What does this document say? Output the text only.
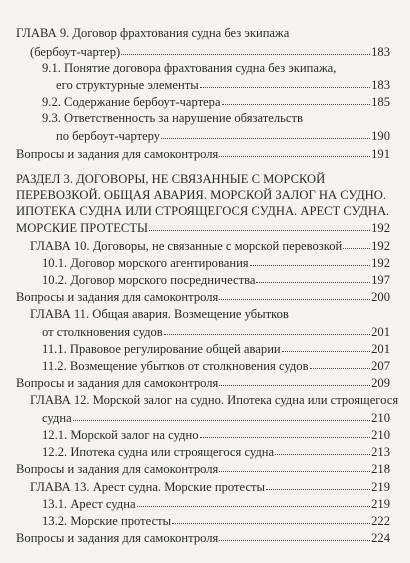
ГЛАВА 9. Договор фрахтования судна без экипажа
(бербоут-чартер)	183
9.1. Понятие договора фрахтования судна без экипажа,
его структурные элементы	183
9.2. Содержание бербоут-чартера	185
9.3. Ответственность за нарушение обязательств
по бербоут-чартеру	190
Вопросы и задания для самоконтроля	191
РАЗДЕЛ 3. ДОГОВОРЫ, НЕ СВЯЗАННЫЕ С МОРСКОЙ
ПЕРЕВОЗКОЙ. ОБЩАЯ АВАРИЯ. МОРСКОЙ ЗАЛОГ НА СУДНО.
ИПОТЕКА СУДНА ИЛИ СТРОЯЩЕГОСЯ СУДНА. АРЕСТ СУДНА.
МОРСКИЕ ПРОТЕСТЫ	192
ГЛАВА 10. Договоры, не связанные с морской перевозкой 192
10.1. Договор морского агентирования	192
10.2. Договор морского посредничества	197
Вопросы и задания для самоконтроля	200
ГЛАВА 11. Общая авария. Возмещение убытков
от столкновения судов	201
11.1. Правовое регулирование общей аварии	201
11.2. Возмещение убытков от столкновения судов	207
Вопросы и задания для самоконтроля	209
ГЛАВА 12. Морской залог на судно. Ипотека судна или строящегося
судна	210
12.1. Морской залог на судно	210
12.2. Ипотека судна или строящегося судна	213
Вопросы и задания для самоконтроля	218
ГЛАВА 13. Арест судна. Морские протесты	219
13.1. Арест судна	219
13.2. Морские протесты	222
Вопросы и задания для самоконтроля	224
